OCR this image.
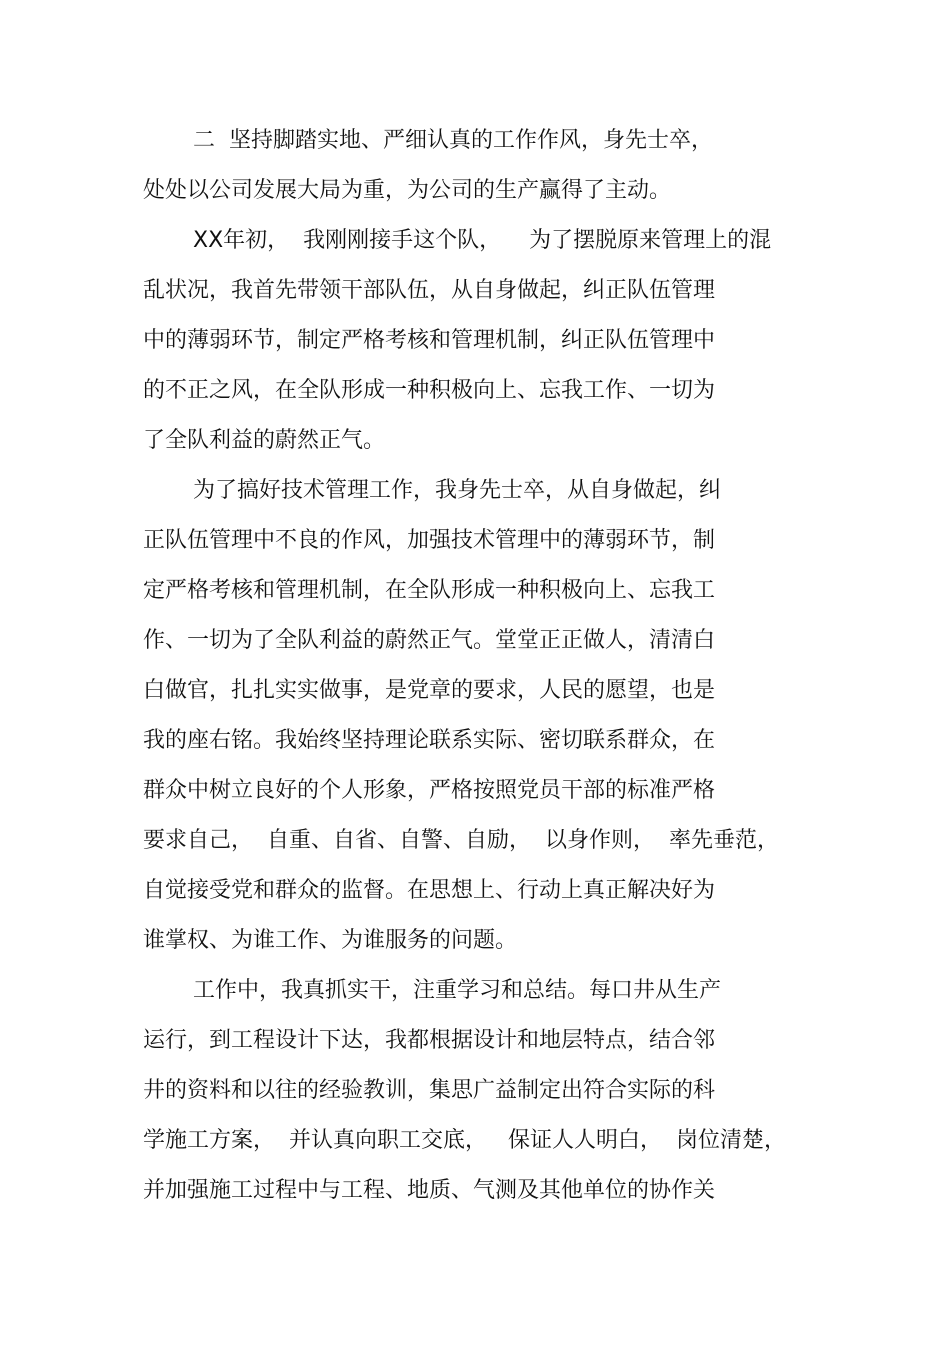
二  坚持脚踏实地、严细认真的工作作风，身先士卒，

处处以公司发展大局为重，为公司的生产赢得了主动。

XX年初，  我刚刚接手这个队，    为了摆脱原来管理上的混

乱状况，我首先带领干部队伍，从自身做起，纠正队伍管理

中的薄弱环节，制定严格考核和管理机制，纠正队伍管理中

的不正之风，在全队形成一种积极向上、忘我工作、一切为

了全队利益的蔚然正气。

为了搞好技术管理工作，我身先士卒，从自身做起，纠

正队伍管理中不良的作风，加强技术管理中的薄弱环节，制

定严格考核和管理机制，在全队形成一种积极向上、忘我工

作、一切为了全队利益的蔚然正气。堂堂正正做人，清清白

白做官，扎扎实实做事，是党章的要求，人民的愿望，也是

我的座右铭。我始终坚持理论联系实际、密切联系群众，在

群众中树立良好的个人形象，严格按照党员干部的标准严格

要求自己，  自重、自省、自警、自励，  以身作则，  率先垂范，

自觉接受党和群众的监督。在思想上、行动上真正解决好为

谁掌权、为谁工作、为谁服务的问题。

工作中，我真抓实干，注重学习和总结。每口井从生产

运行，到工程设计下达，我都根据设计和地层特点，结合邻

井的资料和以往的经验教训，集思广益制定出符合实际的科

学施工方案，  并认真向职工交底，   保证人人明白，  岗位清楚，

并加强施工过程中与工程、地质、气测及其他单位的协作关
